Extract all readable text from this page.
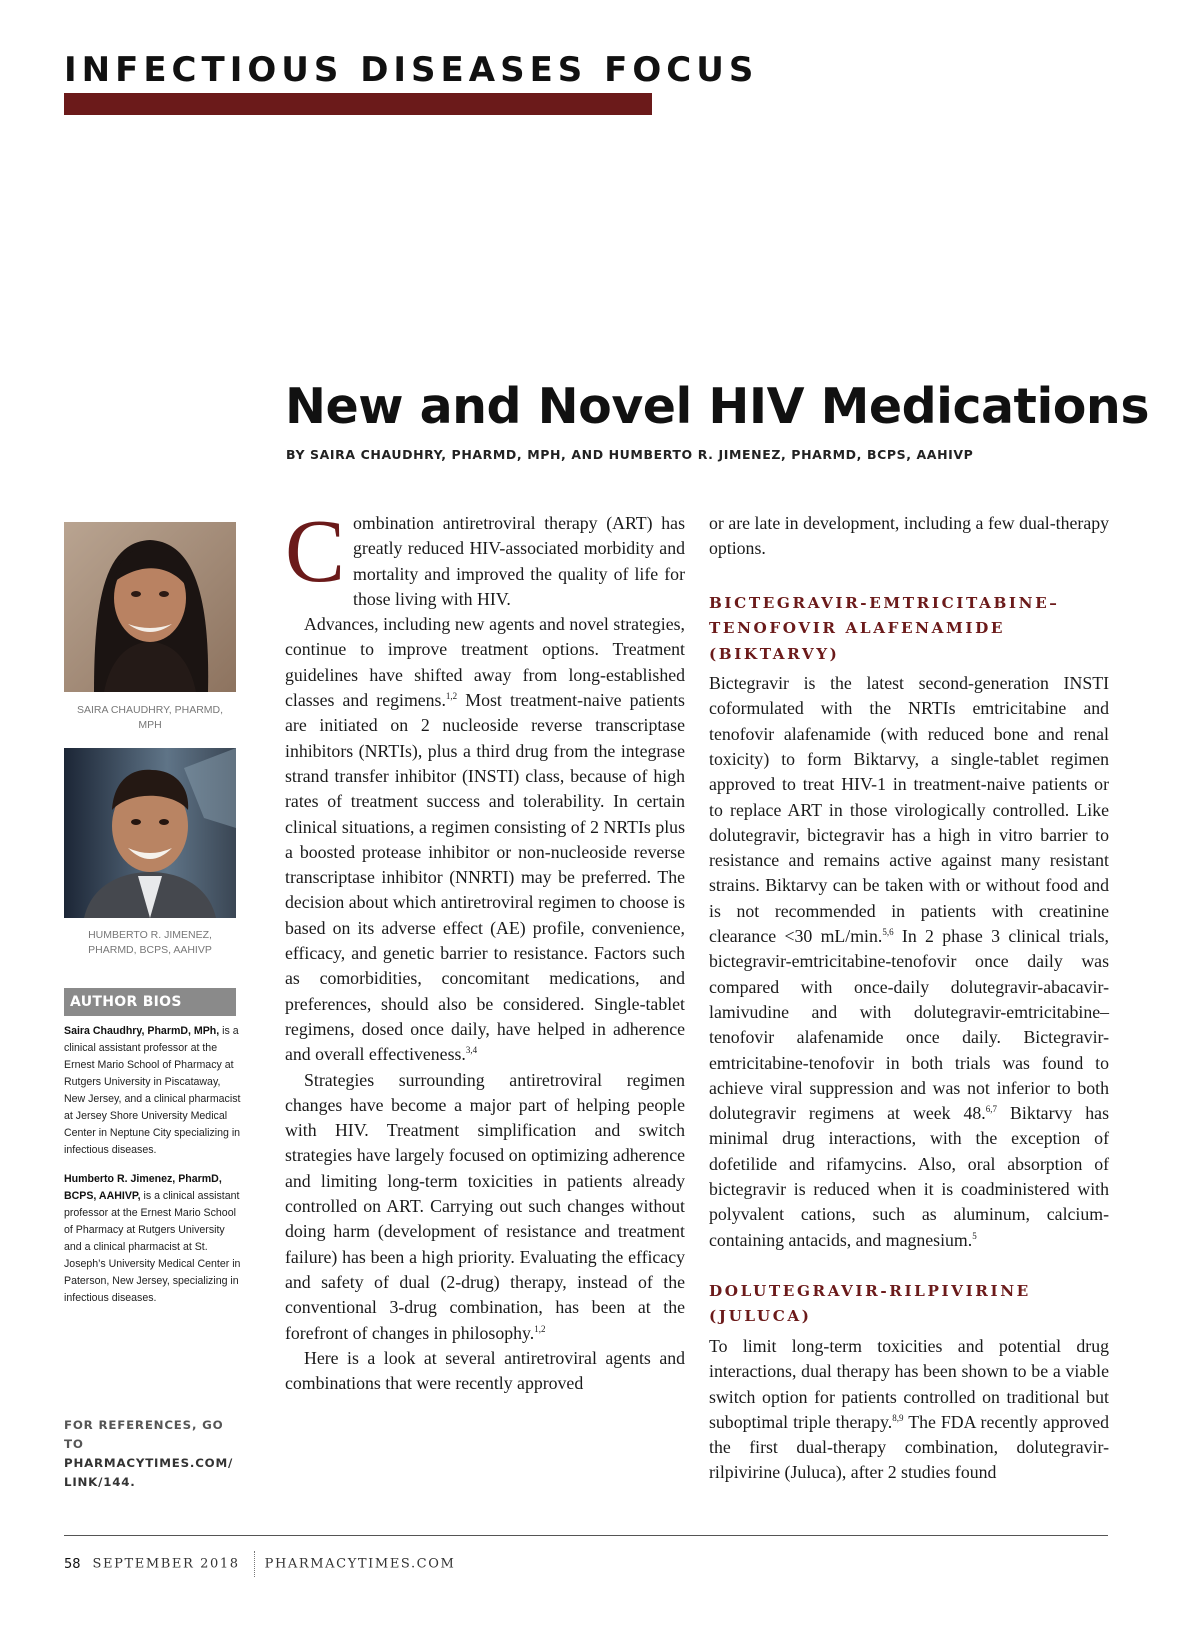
INFECTIOUS DISEASES FOCUS
New and Novel HIV Medications
BY SAIRA CHAUDHRY, PHARMD, MPH, AND HUMBERTO R. JIMENEZ, PHARMD, BCPS, AAHIVP
SAIRA CHAUDHRY, PHARMD, MPH
HUMBERTO R. JIMENEZ, PHARMD, BCPS, AAHIVP
AUTHOR BIOS

Saira Chaudhry, PharmD, MPh, is a clinical assistant professor at the Ernest Mario School of Pharmacy at Rutgers University in Piscataway, New Jersey, and a clinical pharmacist at Jersey Shore University Medical Center in Neptune City specializing in infectious diseases.

Humberto R. Jimenez, PharmD, BCPS, AAHIVP, is a clinical assistant professor at the Ernest Mario School of Pharmacy at Rutgers University and a clinical pharmacist at St. Joseph’s University Medical Center in Paterson, New Jersey, specializing in infectious diseases.

FOR REFERENCES, GO TO
PHARMACYTIMES.COM/ LINK/144.

Combination antiretroviral therapy (ART) has greatly reduced HIV-associated morbidity and mortality and improved the quality of life for those living with HIV.

Advances, including new agents and novel strategies, continue to improve treatment options. Treatment guidelines have shifted away from long-established classes and regimens.$^{1,2}$ Most treatment-naive patients are initiated on 2 nucleoside reverse transcriptase inhibitors (NRTIs), plus a third drug from the integrase strand transfer inhibitor (INSTI) class, because of high rates of treatment success and tolerability. In certain clinical situations, a regimen consisting of 2 NRTIs plus a boosted protease inhibitor or non-nucleoside reverse transcriptase inhibitor (NNRTI) may be preferred. The decision about which antiretroviral regimen to choose is based on its adverse effect (AE) profile, convenience, efficacy, and genetic barrier to resistance. Factors such as comorbidities, concomitant medications, and preferences, should also be considered. Single-tablet regimens, dosed once daily, have helped in adherence and overall effectiveness.$^{3,4}$

Strategies surrounding antiretroviral regimen changes have become a major part of helping people with HIV. Treatment simplification and switch strategies have largely focused on optimizing adherence and limiting long-term toxicities in patients already controlled on ART. Carrying out such changes without doing harm (development of resistance and treatment failure) has been a high priority. Evaluating the efficacy and safety of dual (2-drug) therapy, instead of the conventional 3-drug combination, has been at the forefront of changes in philosophy.$^{1,2}$

Here is a look at several antiretroviral agents and combinations that were recently approved

or are late in development, including a few dual-therapy options.

BICTEGRAVIR-EMTRICITABINE–TENOFOVIR ALAFENAMIDE (BIKTARVY)

Bictegravir is the latest second-generation INSTI coformulated with the NRTIs emtricitabine and tenofovir alafenamide (with reduced bone and renal toxicity) to form Biktarvy, a single-tablet regimen approved to treat HIV-1 in treatment-naive patients or to replace ART in those virologically controlled. Like dolutegravir, bictegravir has a high in vitro barrier to resistance and remains active against many resistant strains. Biktarvy can be taken with or without food and is not recommended in patients with creatinine clearance <30 mL/min.$^{5,6}$ In 2 phase 3 clinical trials, bictegravir-emtricitabine-tenofovir once daily was compared with once-daily dolutegravir-abacavir-lamivudine and with dolutegravir-emtricitabine–tenofovir alafenamide once daily. Bictegravir-emtricitabine-tenofovir in both trials was found to achieve viral suppression and was not inferior to both dolutegravir regimens at week 48.$^{6,7}$ Biktarvy has minimal drug interactions, with the exception of dofetilide and rifamycins. Also, oral absorption of bictegravir is reduced when it is coadministered with polyvalent cations, such as aluminum, calcium-containing antacids, and magnesium.$^5$

DOLUTEGRAVIR-RILPIVIRINE (JULUCA)

To limit long-term toxicities and potential drug interactions, dual therapy has been shown to be a viable switch option for patients controlled on traditional but suboptimal triple therapy.$^{8,9}$ The FDA recently approved the first dual-therapy combination, dolutegravir-rilpivirine (Juluca), after 2 studies found

58 SEPTEMBER 2018 PHARMACYTIMES.COM
